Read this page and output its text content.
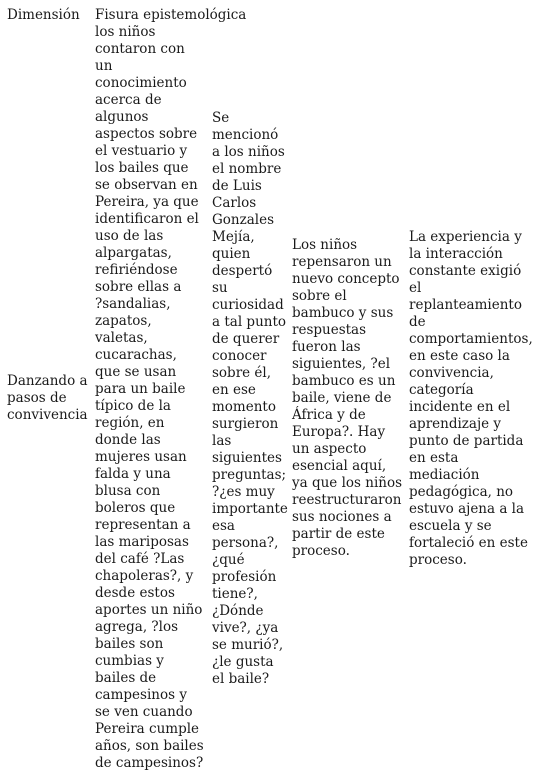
Dimensión Fisura epistemológica

Danzando a

pasos de

convivencia

los niños

contaron con

un

conocimiento

acerca de

algunos

aspectos sobre

el vestuario y

los bailes que

se observan en

Pereira, ya que

identificaron el

uso de las

alpargatas,

refiriéndose

sobre ellas a

?sandalias,

zapatos,

valetas,

cucarachas,

que se usan

para un baile

típico de la

región, en

donde las

mujeres usan

falda y una

blusa con

boleros que

representan a

las mariposas

del café ?Las

chapoleras?, y

desde estos

aportes un niño

agrega, ?los

bailes son

cumbias y

bailes de

campesinos y

se ven cuando

Pereira cumple

años, son bailes

de campesinos?

Se

mencionó

a los niños

el nombre

de Luis

Carlos

Gonzales

Mejía,

quien

despertó

su

curiosidad

a tal punto

de querer

conocer

sobre él,

en ese

momento

surgieron

las

siguientes

preguntas;

?¿es muy

importante

esa

persona?,

¿qué

profesión

tiene?,

¿Dónde

vive?, ¿ya

se murió?,

¿le gusta

el baile?

Los niños

repensaron un

nuevo concepto

sobre el

bambuco y sus

respuestas

fueron las

siguientes, ?el

bambuco es un

baile, viene de

África y de

Europa?. Hay

un aspecto

esencial aquí,

ya que los niños

reestructuraron

sus nociones a

partir de este

proceso.

La experiencia y

la interacción

constante exigió

el

replanteamiento

de

comportamientos,

en este caso la

convivencia,

categoría

incidente en el

aprendizaje y

punto de partida

en esta

mediación

pedagógica, no

estuvo ajena a la

escuela y se

fortaleció en este

proceso.
